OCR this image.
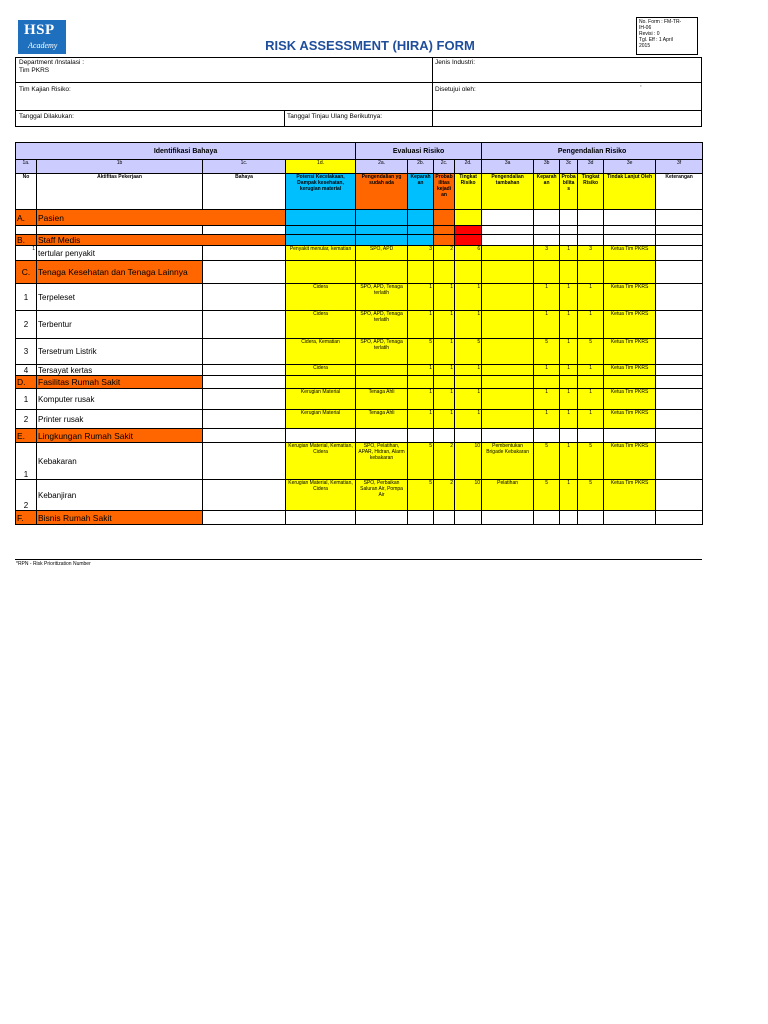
HSP
Academy	RISK ASSESSMENT (HIRA) FORM
No. Form : FM-TR-
IH-06
Revisi : 0
Tgl. Eff : 1 April
2015
Department /Instalasi :
Tim PKRS
Jenis Industri:
Tim Kajian Risiko:	Disetujui oleh:
;
Tanggal Dilakukan:	Tanggal Tinjau Ulang Berikutnya:
Identifikasi Bahaya				Evaluasi Risiko				Pengendalian Risiko					
1a.	1b	1c.	1d.	2a.	2b.	2c.	2d.	3a	3b	3c	3d	3e	3f
No	Aktifitas Pekerjaan	Bahaya	Potensi Kecelakaan, Dampak kesehatan, kerugian material	Pengendalian yg sudah ada	Keparah an	Probab ilitas kejadi an	Tingkat Risiko	Pengendalian tambahan	Keparah an	Proba bilita s	Tingkat Risiko	Tindak Lanjut Oleh	Keterangan
A.	Pasien												

B.	Staff Medis												
1	tertular penyakit		Penyakit menular, kematian	SPO, APD	3	2	6		3	1	3	Ketua Tim PKRS	
C.	Tenaga Kesehatan dan Tenaga Lainnya												
1	Terpeleset		Cidera	SPO, APD, Tenaga terlatih	1	1	1		1	1	1	Ketua Tim PKRS	
2	Terbentur		Cidera	SPO, APD, Tenaga terlatih	1	1	1		1	1	1	Ketua Tim PKRS	
3	Tersetrum Listrik		Cidera, Kematian	SPO, APD, Tenaga terlatih	5	1	5		5	1	5	Ketua Tim PKRS	
4	Tersayat kertas		Cidera		1	1	1		1	1	1	Ketua Tim PKRS	
D.	Fasilitas Rumah Sakit												
1	Komputer rusak		Kerugian Material	Tenaga Ahli	1	1	1		1	1	1	Ketua Tim PKRS	
2	Printer rusak		Kerugian Material	Tenaga Ahli	1	1	1		1	1	1	Ketua Tim PKRS	
E.	Lingkungan Rumah Sakit												
1	Kebakaran		Kerugian Material, Kematian, Cidera	SPO, Pelatihan, APAR, Hidran, Alarm kebakaran	5	2	10	Pembentukan Brigade Kebakaran	5	1	5	Ketua Tim PKRS	
2	Kebanjiran		Kerugian Material, Kematian, Cidera	SPO, Perbaikan Saluran Air, Pompa Air	5	2	10	Pelatihan	5	1	5	Ketua Tim PKRS	
F.	Bisnis Rumah Sakit												
*RPN - Risk Prioritization Number
